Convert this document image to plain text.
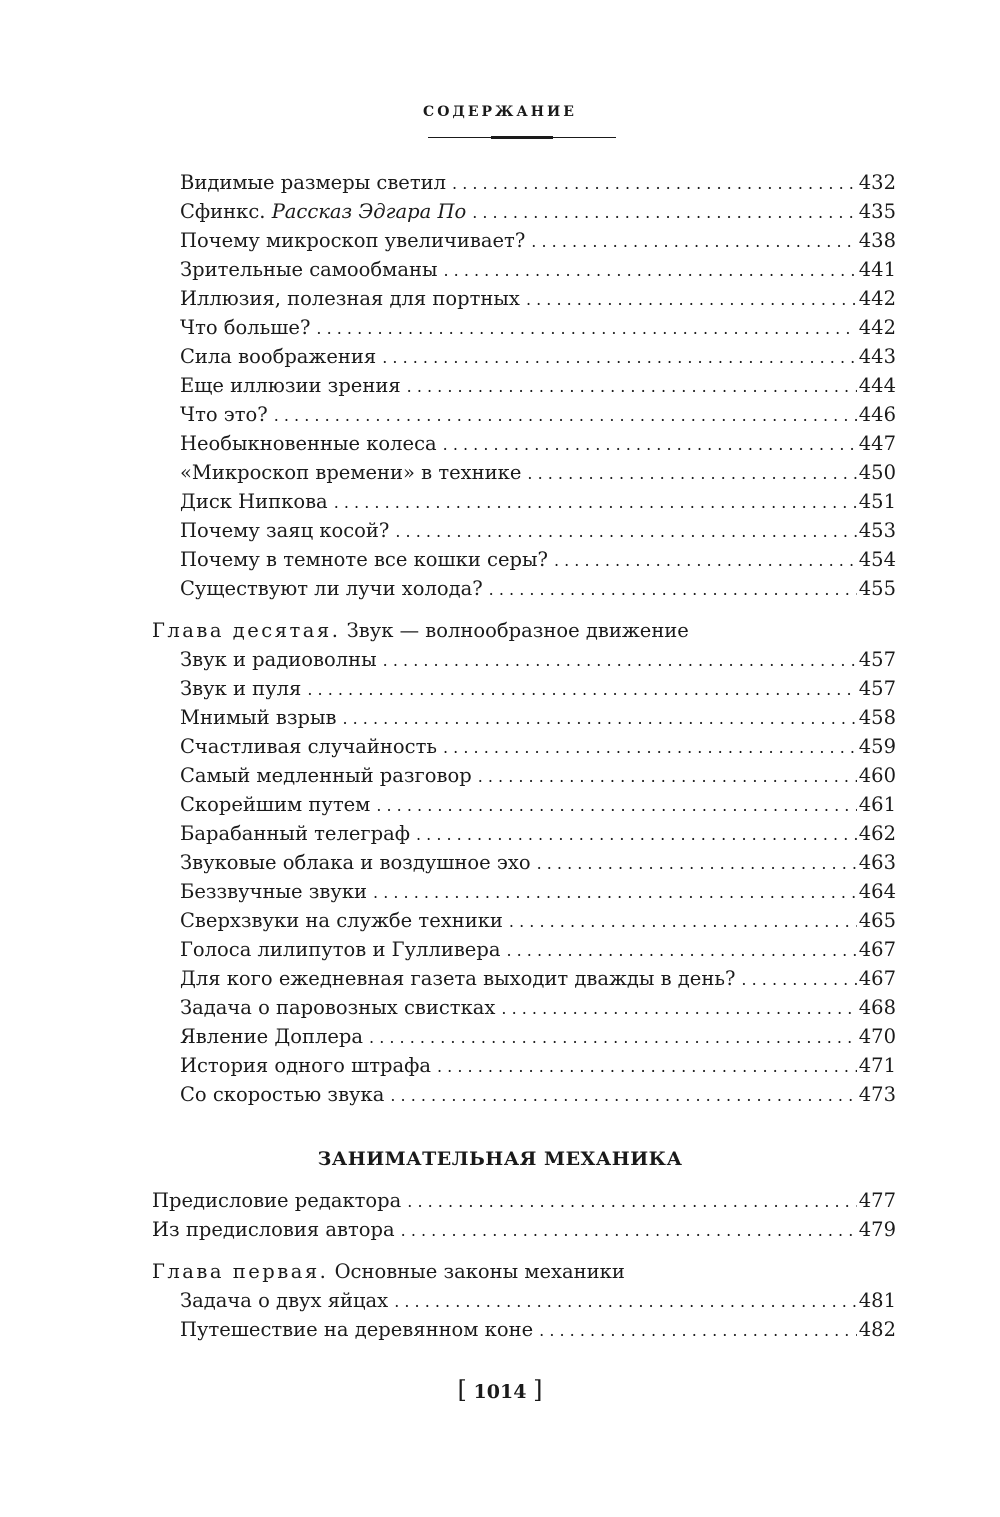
СОДЕРЖАНИЕ
Видимые размеры светил . . .	432
Сфинкс. Рассказ Эдгара По . . .	435
Почему микроскоп увеличивает? . . .	438
Зрительные самообманы . . .	441
Иллюзия, полезная для портных . . .	442
Что больше? . . .	442
Сила воображения . . .	443
Еще иллюзии зрения . . .	444
Что это? . . .	446
Необыкновенные колеса . . .	447
«Микроскоп времени» в технике . . .	450
Диск Нипкова . . .	451
Почему заяц косой? . . .	453
Почему в темноте все кошки серы? . . .	454
Существуют ли лучи холода? . . .	455
Глава десятая. Звук — волнообразное движение
Звук и радиоволны . . .	457
Звук и пуля . . .	457
Мнимый взрыв . . .	458
Счастливая случайность . . .	459
Самый медленный разговор . . .	460
Скорейшим путем . . .	461
Барабанный телеграф . . .	462
Звуковые облака и воздушное эхо . . .	463
Беззвучные звуки . . .	464
Сверхзвуки на службе техники . . .	465
Голоса лилипутов и Гулливера . . .	467
Для кого ежедневная газета выходит дважды в день? . . .	467
Задача о паровозных свистках . . .	468
Явление Доплера . . .	470
История одного штрафа . . .	471
Со скоростью звука . . .	473
ЗАНИМАТЕЛЬНАЯ МЕХАНИКА
Предисловие редактора . . .	477
Из предисловия автора . . .	479
Глава первая. Основные законы механики
Задача о двух яйцах . . .	481
Путешествие на деревянном коне . . .	482
[ 1014 ]
